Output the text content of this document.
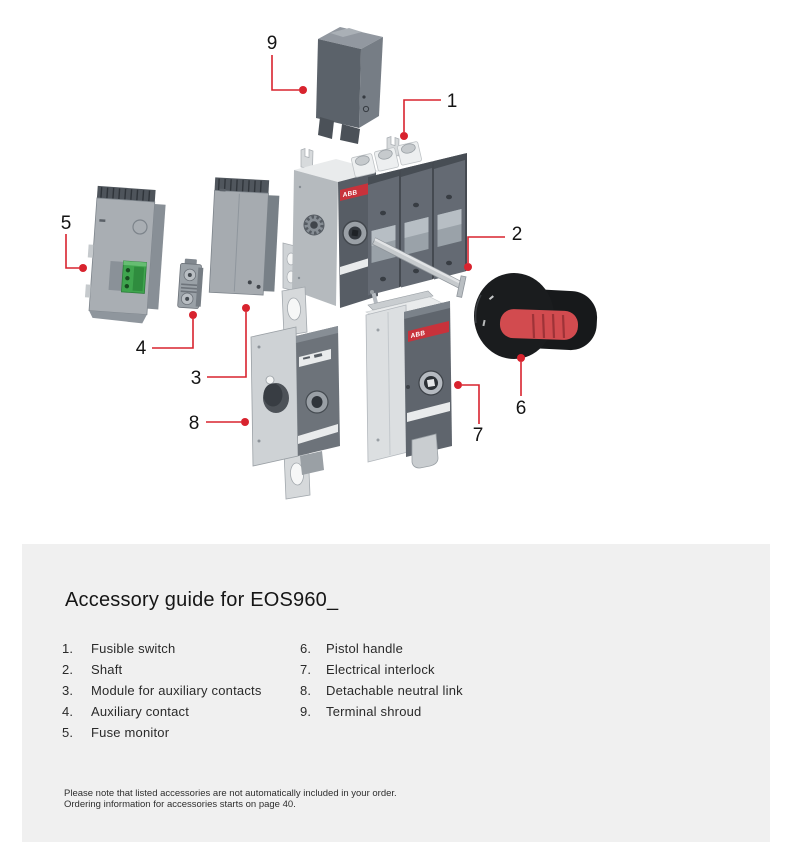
ABB
ABB
9
1
5
4
3
2
8
7
6
Accessory guide for EOS960_
1.	Fusible switch
2.	Shaft
3.	Module for auxiliary contacts
4.	Auxiliary contact
5.	Fuse monitor
6.	Pistol handle
7.	Electrical interlock
8.	Detachable neutral link
9.	Terminal shroud

Please note that listed accessories are not automatically included in your order.
Ordering information for accessories starts on page 40.
